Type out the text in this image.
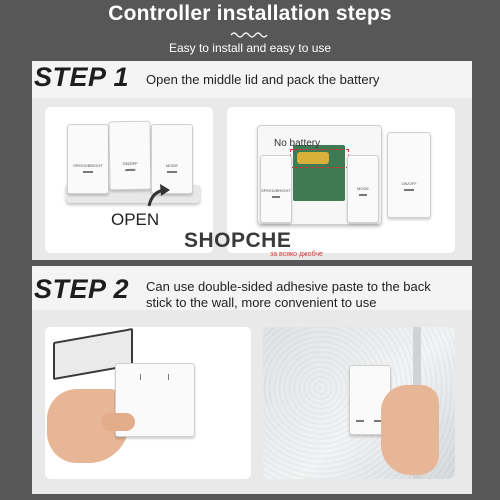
Controller installation steps
Easy to install and easy to use
STEP 1 Open the middle lid and pack the battery
SPEED/BRIGHT	ON/OFF	MODE
OPEN
No battery
SPEED/BRIGHT	MODE
ON/OFF
SHOPCHE
за всяко джобче
STEP 2 Can use double-sided adhesive paste to the back
stick to the wall, more convenient to use
